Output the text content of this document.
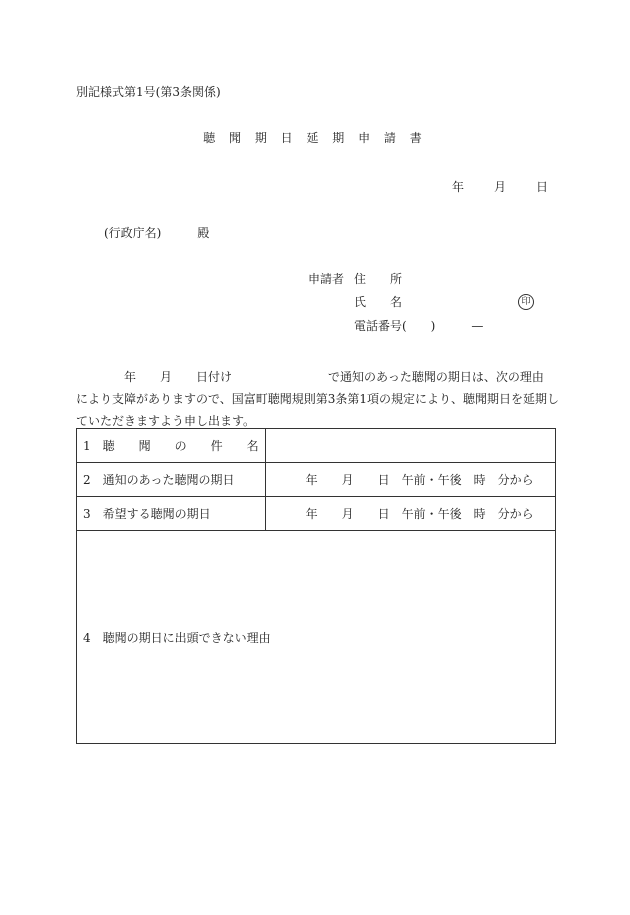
別記様式第1号(第3条関係)
聴 聞 期 日 延 期 申 請 書
年	月	日
(行政庁名)　　　殿
申請者 住　　所
氏　　名	印
電話番号(　　)　　　—
　　　　年　　月　　日付け　　　　　　　　で通知のあった聴聞の期日は、次の理由
により支障がありますので、国富町聴聞規則第3条第1項の規定により、聴聞期日を延期し
ていただきますよう申し出ます。
1　聴　　聞　　の　　件　　名	
2　通知のあった聴聞の期日	年　　月　　日　午前・午後　時　分から
3　希望する聴聞の期日	年　　月　　日　午前・午後　時　分から
4　聴聞の期日に出頭できない理由	
